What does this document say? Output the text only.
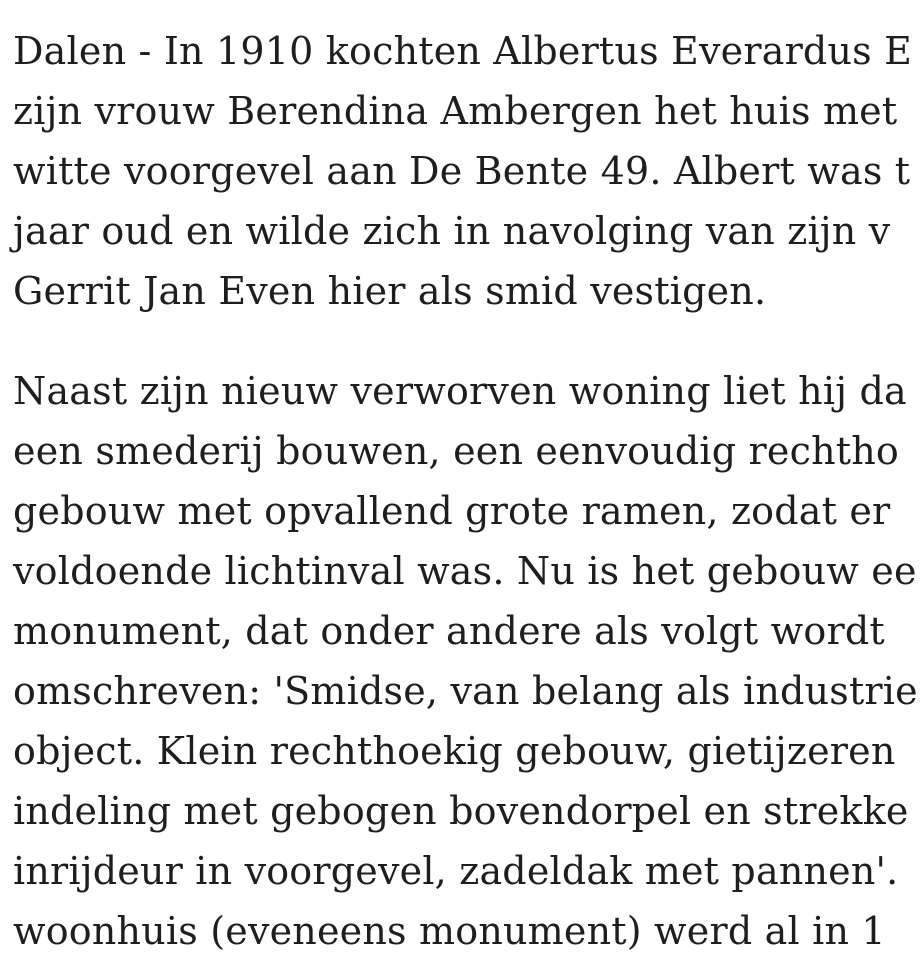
Dalen - In 1910 kochten Albertus Everardus E
zijn vrouw Berendina Ambergen het huis met
witte voorgevel aan De Bente 49. Albert was t
jaar oud en wilde zich in navolging van zijn v
Gerrit Jan Even hier als smid vestigen.

Naast zijn nieuw verworven woning liet hij da
een smederij bouwen, een eenvoudig rechtho
gebouw met opvallend grote ramen, zodat er
voldoende lichtinval was. Nu is het gebouw ee
monument, dat onder andere als volgt wordt
omschreven: 'Smidse, van belang als industrie
object. Klein rechthoekig gebouw, gietijzeren
indeling met gebogen bovendorpel en strekke
inrijdeur in voorgevel, zadeldak met pannen'.
woonhuis (eveneens monument) werd al in 1
